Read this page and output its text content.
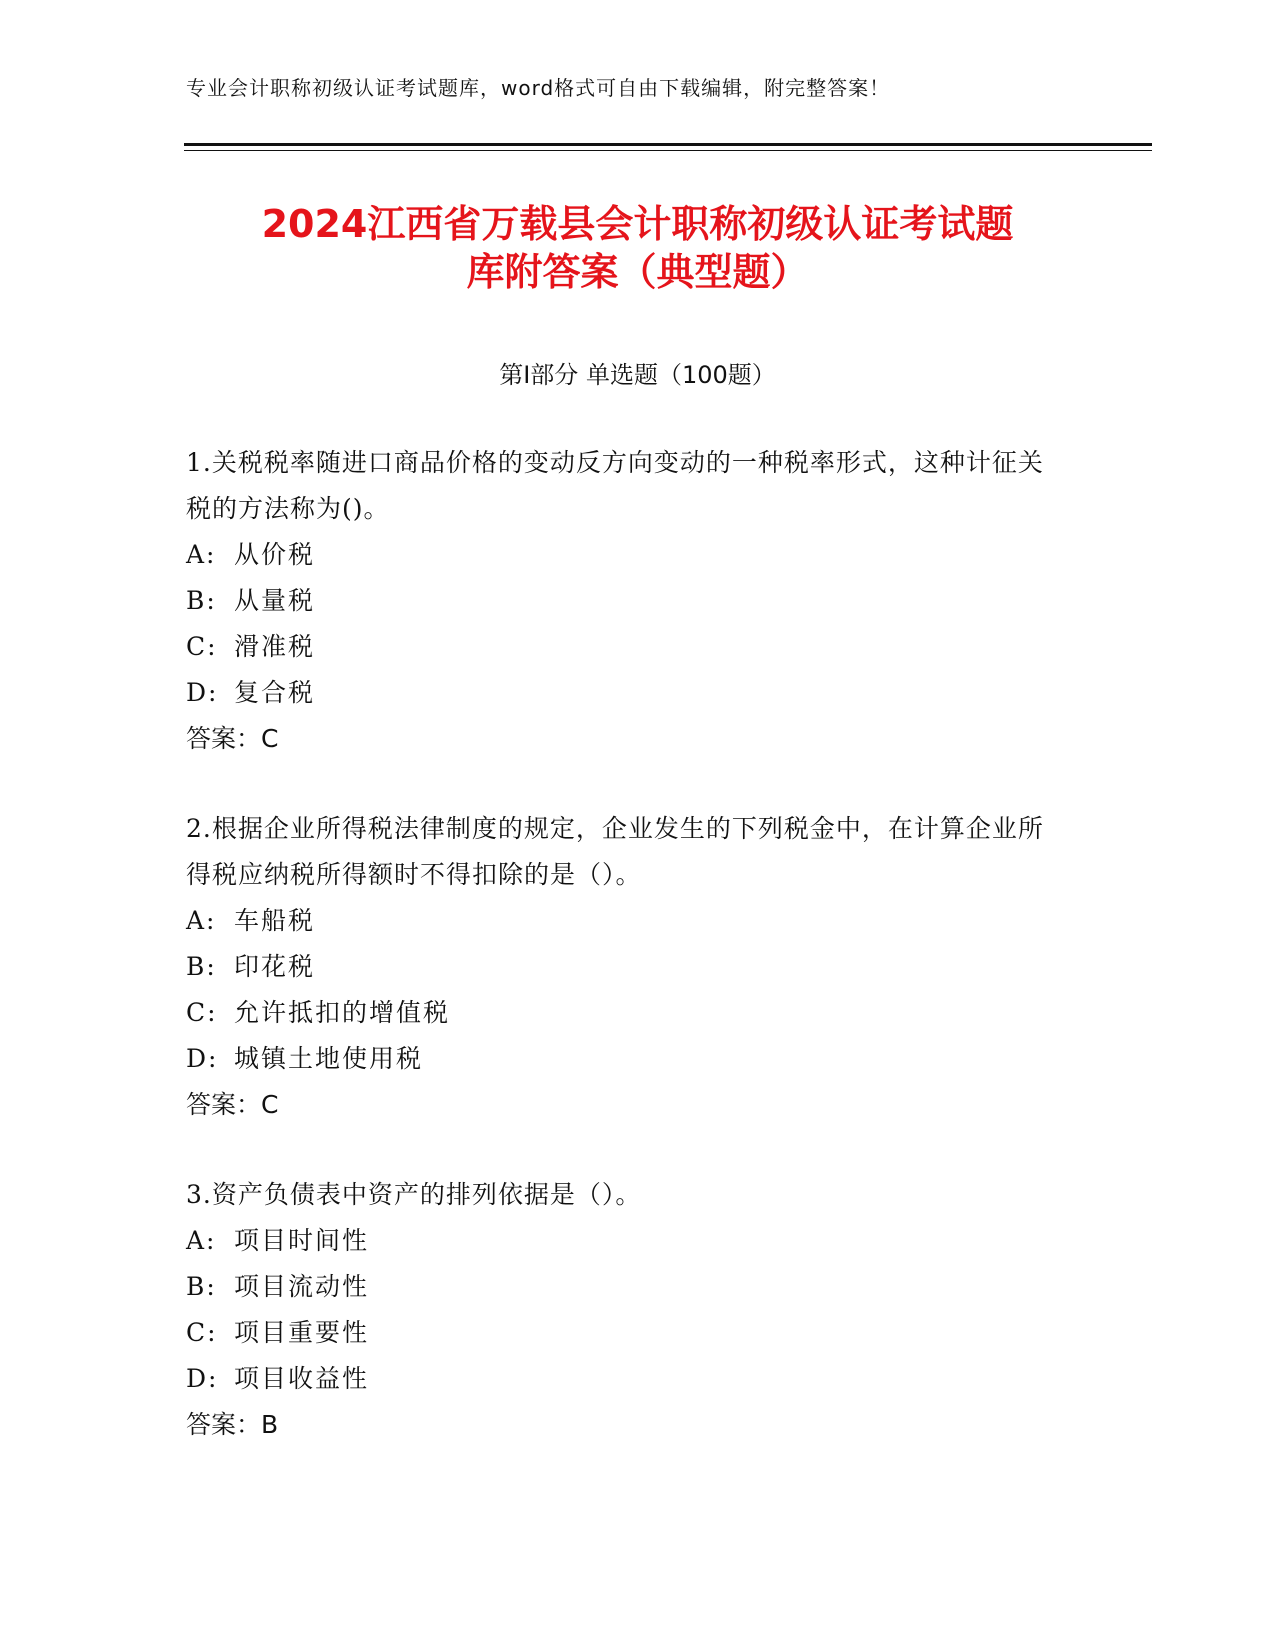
专业会计职称初级认证考试题库，word格式可自由下载编辑，附完整答案！
2024江西省万载县会计职称初级认证考试题
库附答案（典型题）
第Ⅰ部分 单选题（100题）
1.关税税率随进口商品价格的变动反方向变动的一种税率形式，这种计征关税的方法称为()。
A: 从价税
B: 从量税
C: 滑准税
D: 复合税
答案：C
2.根据企业所得税法律制度的规定，企业发生的下列税金中，在计算企业所得税应纳税所得额时不得扣除的是（）。
A: 车船税
B: 印花税
C: 允许抵扣的增值税
D: 城镇土地使用税
答案：C
3.资产负债表中资产的排列依据是（）。
A: 项目时间性
B: 项目流动性
C: 项目重要性
D: 项目收益性
答案：B
